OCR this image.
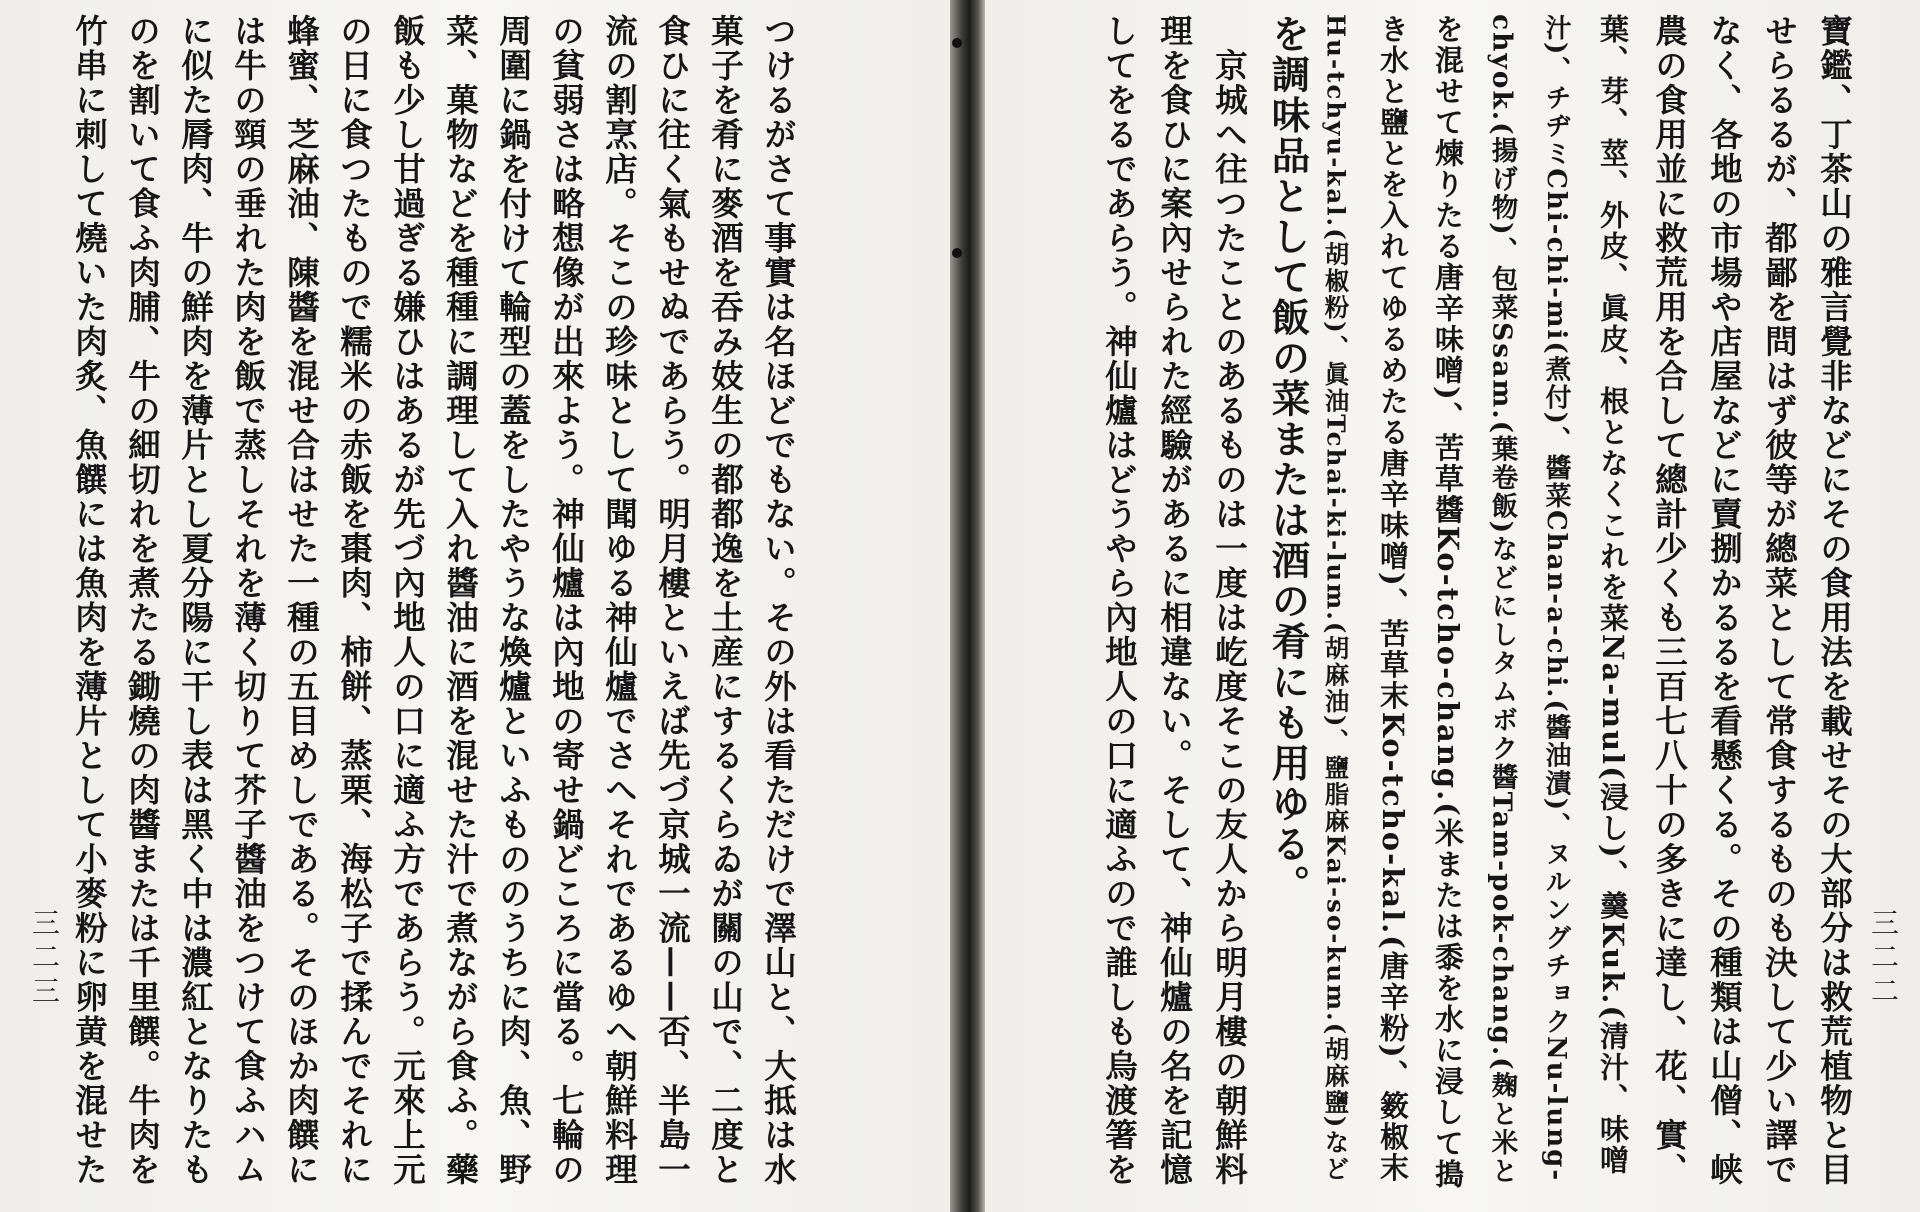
つけるがさて事實は名ほどでもない。その外は看ただけで澤山と、大抵は水
菓子を肴に麥酒を吞み妓生の都都逸を土産にするくらゐが關の山で、二度と
食ひに往く氣もせぬであらう。明月樓といえば先づ京城一流——否、半島一
流の割烹店。そこの珍味として聞ゆる神仙爐でさへそれであるゆへ朝鮮料理
の貧弱さは略想像が出來よう。神仙爐は內地の寄せ鍋どころに當る。七輪の
周圍に鍋を付けて輪型の蓋をしたやうな煥爐といふもののうちに肉、魚、野
菜、菓物などを種種に調理して入れ醬油に酒を混せた汁で煮ながら食ふ。藥
飯も少し甘過ぎる嫌ひはあるが先づ內地人の口に適ふ方であらう。元來上元
の日に食つたもので糯米の赤飯を棗肉、柿餅、蒸栗、海松子で揉んでそれに
蜂蜜、芝麻油、陳醬を混せ合はせた一種の五目めしである。そのほか肉饌に
は牛の頸の垂れた肉を飯で蒸しそれを薄く切りて芥子醬油をつけて食ふハム
に似た脣肉、牛の鮮肉を薄片とし夏分陽に干し表は黑く中は濃紅となりたも
のを割いて食ふ肉脯、牛の細切れを煮たる鋤燒の肉醬または千里饌。牛肉を
竹串に刺して燒いた肉炙、魚饌には魚肉を薄片として小麥粉に卵黄を混せた
三二三	寶鑑、丁茶山の雅言覺非などにその食用法を載せその大部分は救荒植物と目
せらるるが、都鄙を問はず彼等が總菜として常食するものも決して少い譯で
なく、各地の市場や店屋などに賣捌かるるを看懸くる。その種類は山僧、峡
農の食用並に救荒用を合して總計少くも三百七八十の多きに達し、花、實、
葉、芽、莖、外皮、眞皮、根となくこれを菜Na-mul(浸し)、羹Kuk.(清汁、味噌
汁)、チヂミChi-chi-mi(煮付)、醬菜Chan-a-chi.(醬油漬)、ヌルングチョクNu-lung-
chyok.(揚げ物)、包菜Ssam.(葉卷飯)などにしタムボク醬Tam-pok-chang.(麹と米と
を混せて煉りたる唐辛味噌)、苦草醬Ko-tcho-chang.(米または黍を水に浸して搗
き水と鹽とを入れてゆるめたる唐辛味噌)、苦草末Ko-tcho-kal.(唐辛粉)、䉤椒末
Hu-tchyu-kal.(胡椒粉)、眞油Tchai-ki-lum.(胡麻油)、鹽脂麻Kai-so-kum.(胡麻鹽)など
を調味品として飯の菜または酒の肴にも用ゆる。
　京城へ往つたことのあるものは一度は屹度そこの友人から明月樓の朝鮮料
理を食ひに案內せられた經驗があるに相違ない。そして、神仙爐の名を記憶
してをるであらう。神仙爐はどうやら內地人の口に適ふので誰しも烏渡箸を	三二二
